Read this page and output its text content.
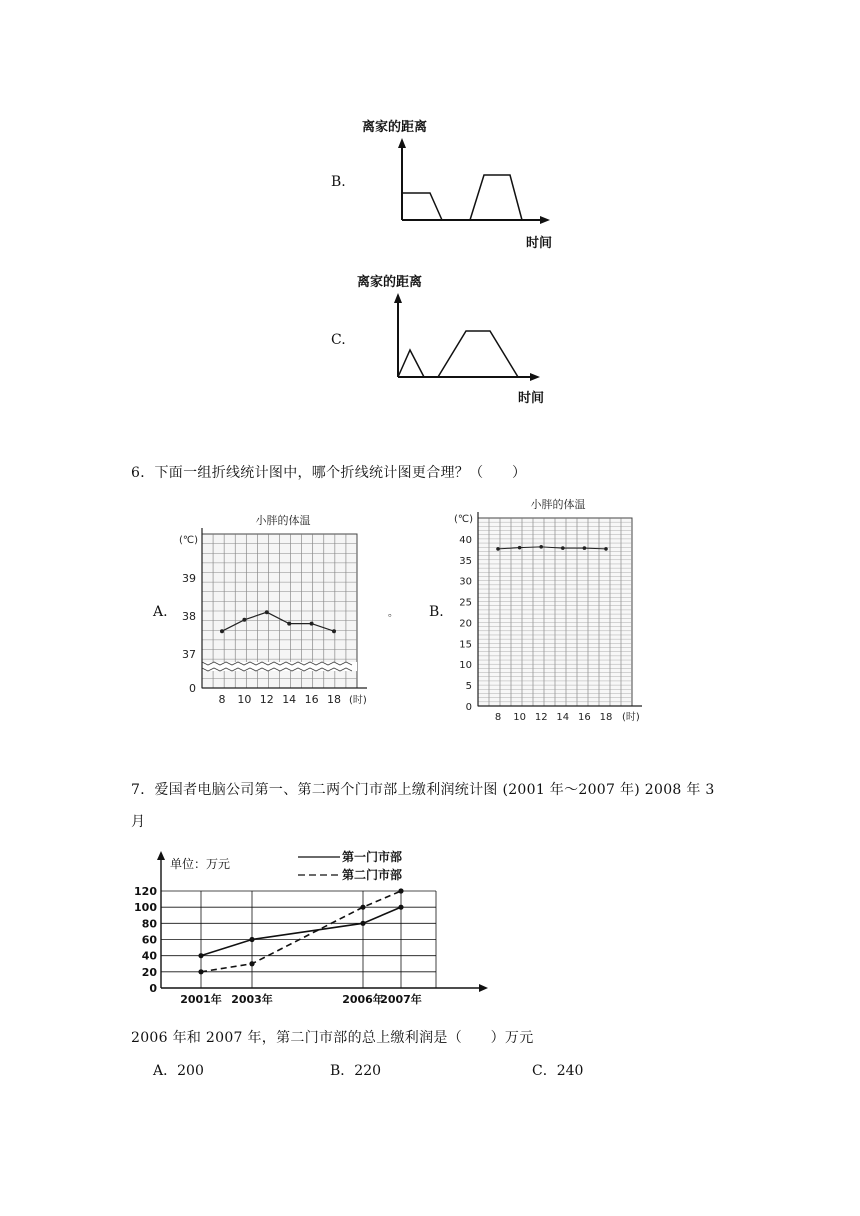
B.
离家的距离
时间
C.
离家的距离
时间
6．下面一组折线统计图中，哪个折线统计图更合理？（　　）
A.	。 B.
0
37
38
39
小胖的体温
(℃)
(时)
8 10 12 14 16 18
0
5
10
15
20
25
30
35
40
小胖的体温
(℃)
(时)
8 10 12 14 16 18
7．爱国者电脑公司第一、第二两个门市部上缴利润统计图 (2001 年～2007 年) 2008 年 3
月
0
20
40
60
80
100
120
2001年 2003年	2006年
2007年
单位：万元	第一门市部
第二门市部
2006 年和 2007 年，第二门市部的总上缴利润是（　　）万元
A．200	B．220	C．240
